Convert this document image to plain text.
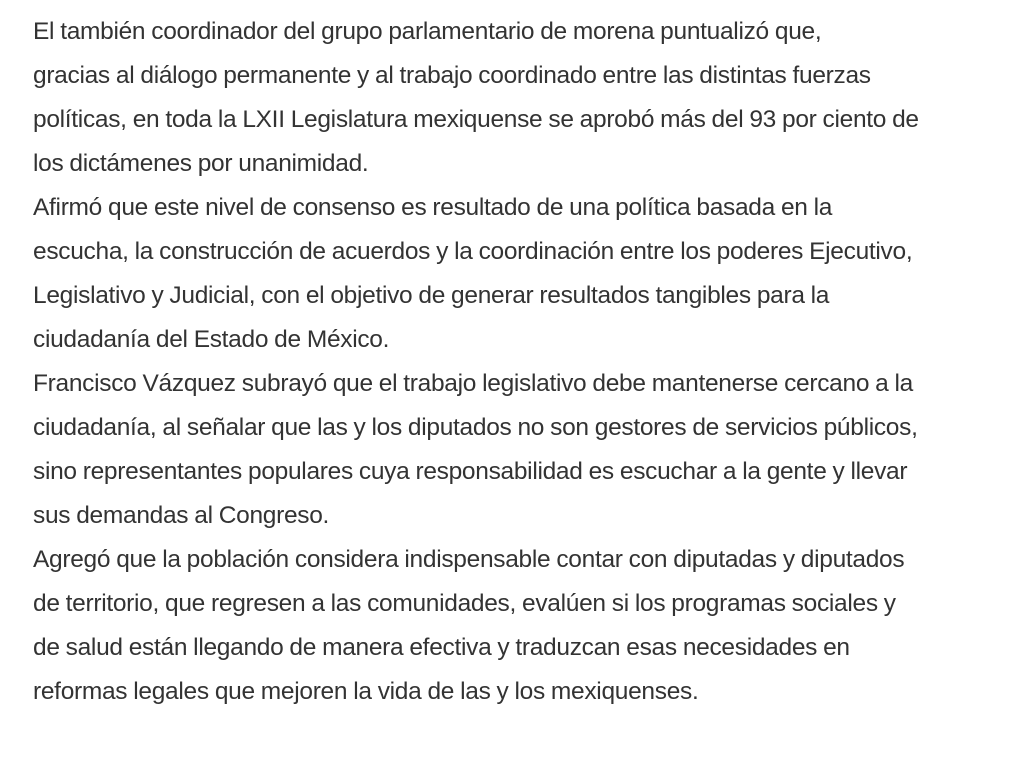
El también coordinador del grupo parlamentario de morena puntualizó que,
gracias al diálogo permanente y al trabajo coordinado entre las distintas fuerzas
políticas, en toda la LXII Legislatura mexiquense se aprobó más del 93 por ciento de
los dictámenes por unanimidad.

Afirmó que este nivel de consenso es resultado de una política basada en la
escucha, la construcción de acuerdos y la coordinación entre los poderes Ejecutivo,
Legislativo y Judicial, con el objetivo de generar resultados tangibles para la
ciudadanía del Estado de México.

Francisco Vázquez subrayó que el trabajo legislativo debe mantenerse cercano a la
ciudadanía, al señalar que las y los diputados no son gestores de servicios públicos,
sino representantes populares cuya responsabilidad es escuchar a la gente y llevar
sus demandas al Congreso.

Agregó que la población considera indispensable contar con diputadas y diputados
de territorio, que regresen a las comunidades, evalúen si los programas sociales y
de salud están llegando de manera efectiva y traduzcan esas necesidades en
reformas legales que mejoren la vida de las y los mexiquenses.
